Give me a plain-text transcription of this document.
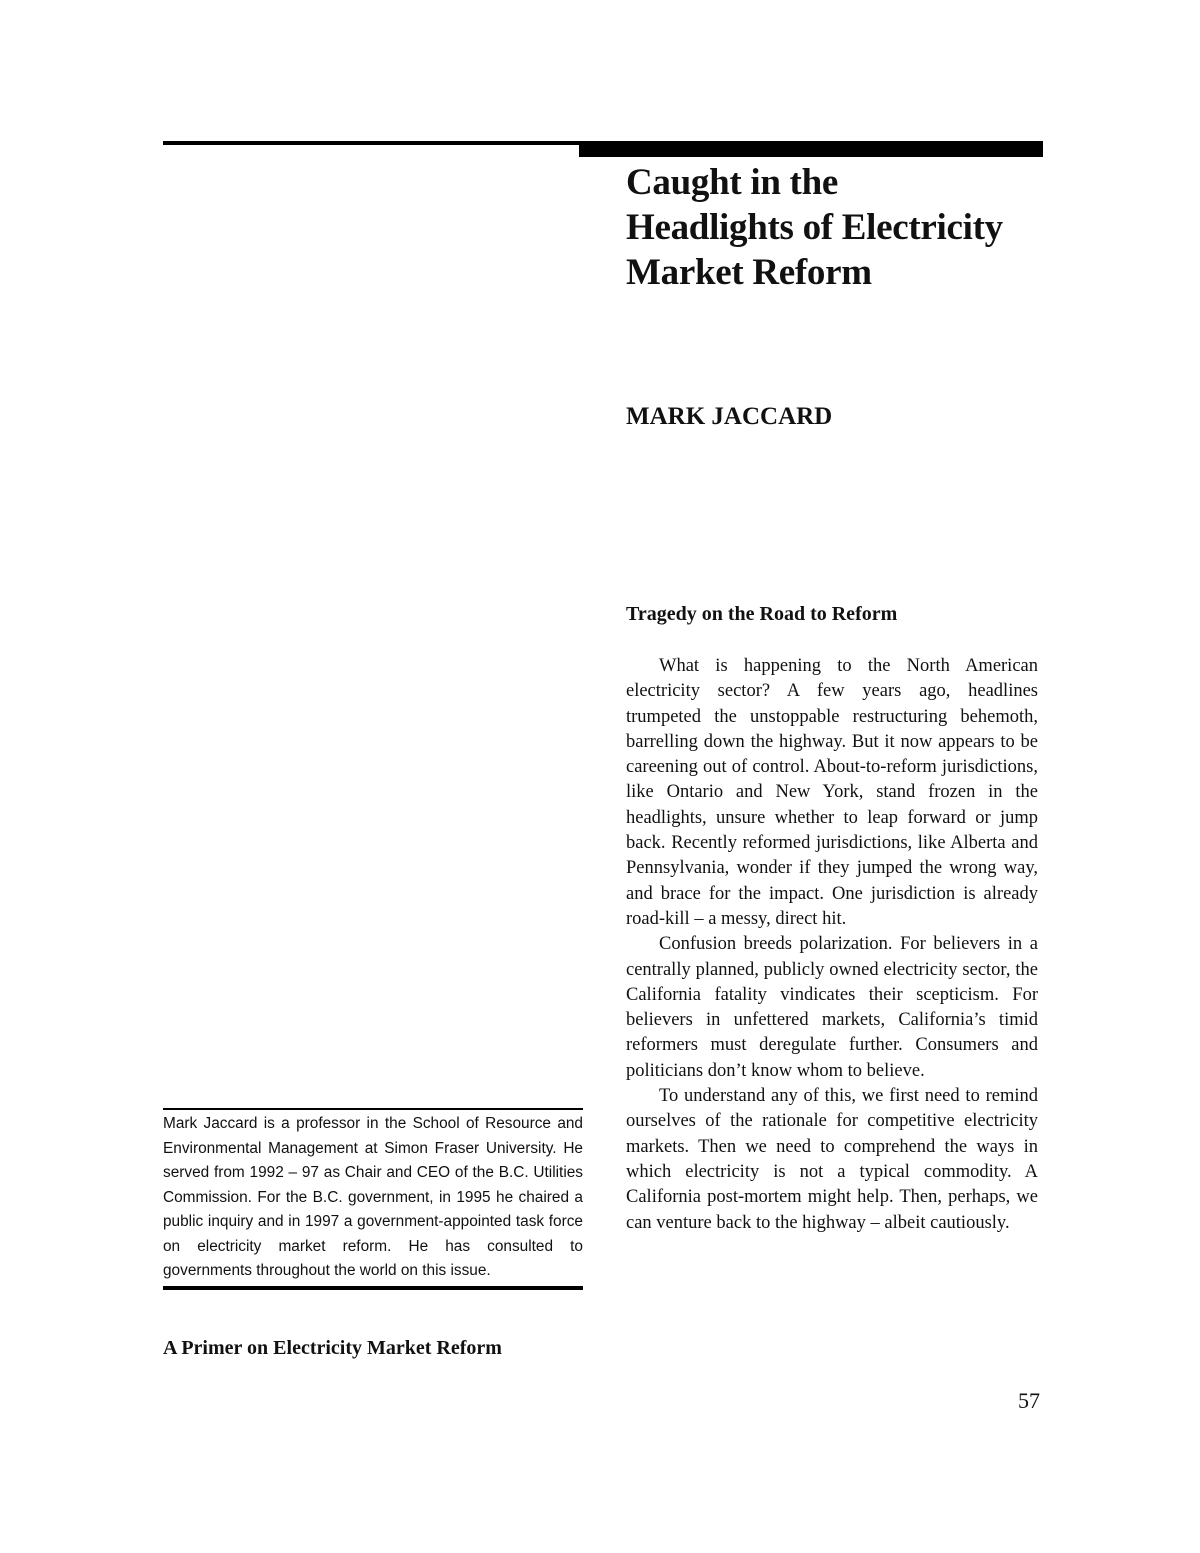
Caught in the
Headlights of Electricity
Market Reform
MARK JACCARD
Tragedy on the Road to Reform

What is happening to the North American electricity sector? A few years ago, headlines trumpeted the unstoppable restructuring behemoth, barrelling down the highway. But it now appears to be careening out of control. About-to-reform jurisdictions, like Ontario and New York, stand frozen in the headlights, unsure whether to leap forward or jump back. Recently reformed jurisdictions, like Alberta and Pennsylvania, wonder if they jumped the wrong way, and brace for the impact. One jurisdiction is already road-kill – a messy, direct hit.

Confusion breeds polarization. For believers in a centrally planned, publicly owned electricity sector, the California fatality vindicates their scepticism. For believers in unfettered markets, California’s timid reformers must deregulate further. Consumers and politicians don’t know whom to believe.

To understand any of this, we first need to remind ourselves of the rationale for competitive electricity markets. Then we need to comprehend the ways in which electricity is not a typical commodity. A California post-mortem might help. Then, perhaps, we can venture back to the highway – albeit cautiously.

Mark Jaccard is a professor in the School of Resource and Environmental Management at Simon Fraser University. He served from 1992 – 97 as Chair and CEO of the B.C. Utilities Commission. For the B.C. government, in 1995 he chaired a public inquiry and in 1997 a government-appointed task force on electricity market reform. He has consulted to governments throughout the world on this issue.

A Primer on Electricity Market Reform
57
